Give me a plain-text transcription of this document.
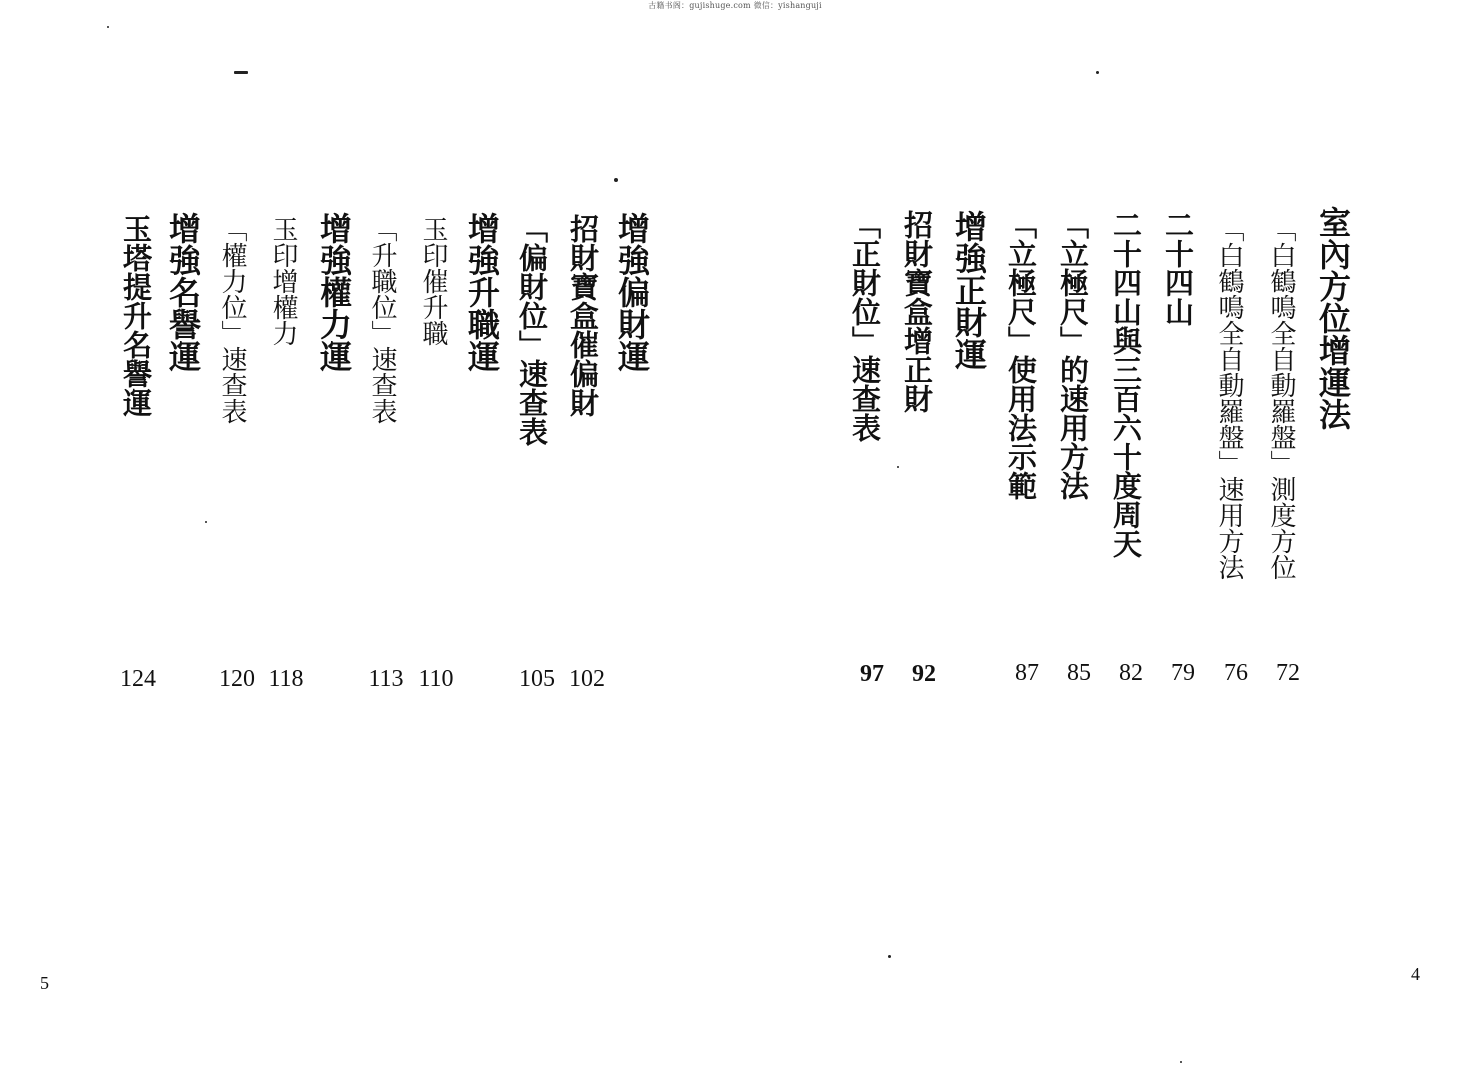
古籍书阁：gujishuge.com 微信：yishanguji
室內方位增運法
「白鶴鳴全自動羅盤」測度方位
72
「白鶴鳴全自動羅盤」速用方法
76
二十四山
79
二十四山與三百六十度周天
82
「立極尺」的速用方法
85
「立極尺」使用法示範
87
增強正財運
招財寶盒增正財
92
「正財位」速查表
97
4
增強偏財運
招財寶盒催偏財
102
「偏財位」速查表
105
增強升職運
玉印催升職
110
「升職位」速查表
113
增強權力運
玉印增權力
118
「權力位」速查表
120
增強名譽運
玉塔提升名譽運
124
5
